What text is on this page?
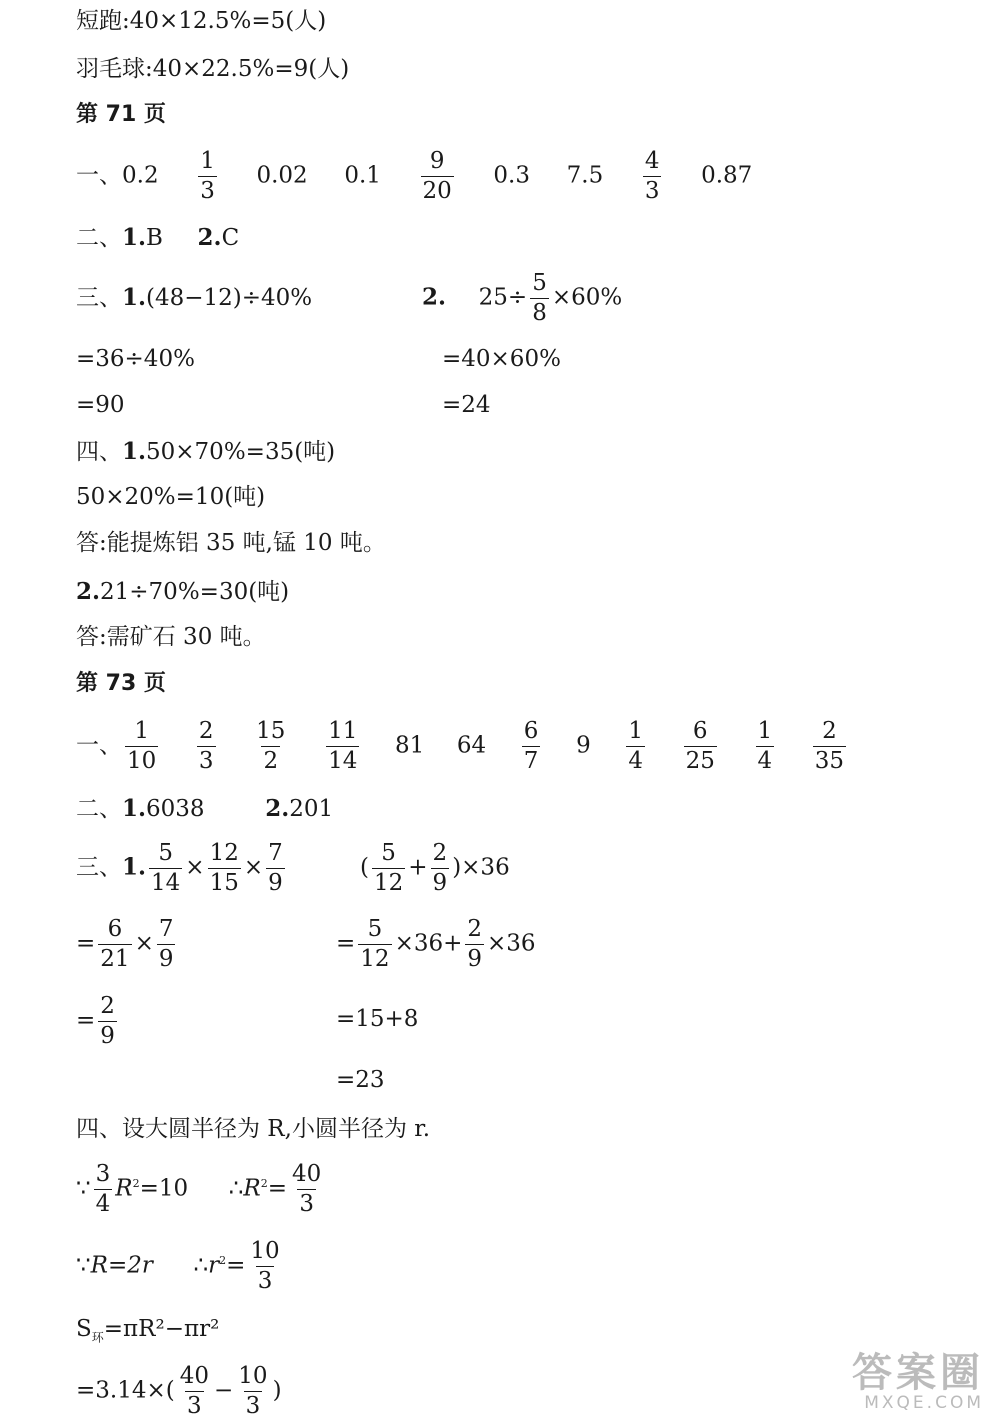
短跑:40×12.5%=5(人)
羽毛球:40×22.5%=9(人)
第 71 页
一、$0.2 \frac{1}{3} 0.02$ $0.1 \frac{9}{20} 0.3$ $7.5 \frac{4}{3} 0.87$
二、1.B 2.C
三、1.(48−12)÷40%	2. $25\div \frac{5}{8} \times 60\%$
=36÷40%	=40×60%
=90	=24
四、1.50×70%=35(吨)
50×20%=10(吨)
答:能提炼铝 35 吨,锰 10 吨。
2.21÷70%=30(吨)
答:需矿石 30 吨。
第 73 页
一、 $\frac{1}{10}$
$\frac{2}{3}$
$\frac{15}{2}$
$\frac{11}{14} 81$ $64 \frac{6}{7} 9 \frac{1}{4}$
$\frac{6}{25}$
$\frac{1}{4}$
$\frac{2}{35}$
二、1.6038	2.201
三、1. $\frac{5}{14} \times \frac{12}{15} \times \frac{7}{9}$	( $\frac{5}{12} + \frac{2}{9} )\times 36$
= $\frac{6}{21} \times \frac{7}{9}$	= $\frac{5}{12} \times 36+ \frac{2}{9} \times 36$
= $\frac{2}{9}$	=15+8
=23
四、设大圆半径为 R,小圆半径为 r.
∵ $\frac{3}{4} R^2=10$ $\therefore R^2= \frac{40}{3}$
∵R=2r $\therefore r^2= \frac{10}{3}$
$S_环=\pi R^2-\pi r^2$
$=3.14\times( \frac{40}{3} - \frac{10}{3}$ )	答案圈
MXQE.COM
